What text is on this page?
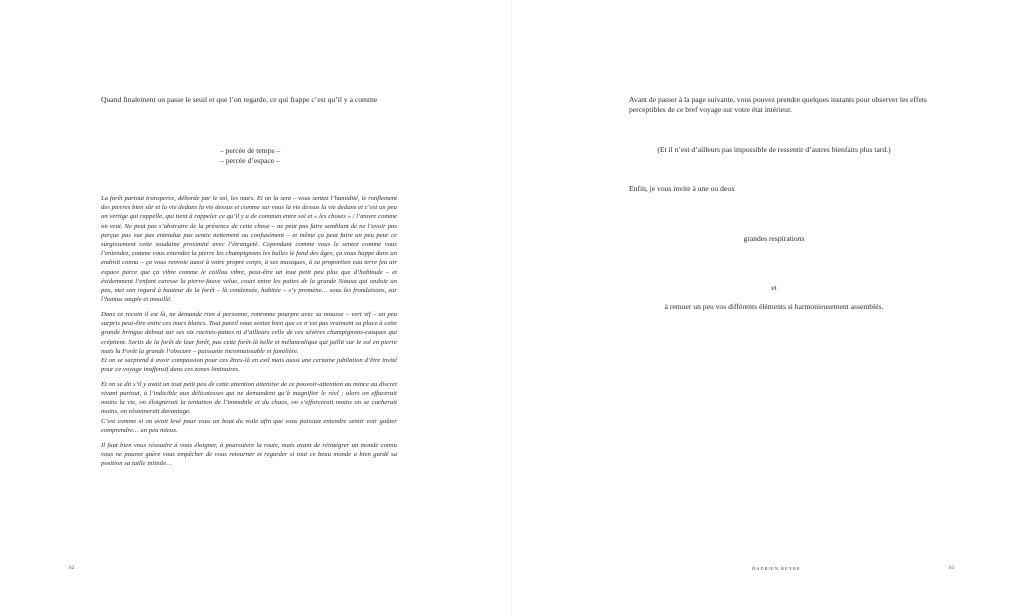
Quand finalement on passe le seuil et que l’on regarde, ce qui frappe c’est qu’il y a comme

– percée de temps –
– percée d’espace –

La forêt partout transperce, déborde par le sol, les murs. Et on la sent – vous sentez l’humidité, le ronflement des pierres bien sûr et la vie dedans la vie dessus et comme sur vous la vie dessus la vie dedans et c’est un peu un vertige qui rappelle, qui tient à rappeler ce qu’il y a de commun entre soi et « les choses » / l’œuvre comme on veut. Ne peut pas s’abstraire de la présence de cette chose – ne peut pas faire semblant de ne l’avoir pas perçue pas vue pas entendue pas sentie nettement ou confusément – et même ça peut faire un peu peur ce surgissement cette soudaine proximité avec l’étrangeté. Cependant comme vous le sentez comme vous l’entendez, comme vous entendez la pierre les champignons les bulles le fond des âges, ça vous happe dans un endroit connu – ça vous renvoie aussi à votre propre corps, à ses musiques, à sa proportion eau terre feu air espace parce que ça vibre comme le caillou vibre, peut-être un tout petit peu plus que d’habitude – et évidemment l’enfant caresse la pierre-fauve velue, court entre les pattes de la grande Siouxa qui ondoie un peu, met son regard à hauteur de la forêt – là condensée, habitée – s’y promène… sous les frondaisons, sur l’humus souple et mouillé.

Dans ce recoin il est là, ne demande rien à personne, ronronne pourpre avec sa mousse – vert vif – un peu surpris peut-être entre ces murs blancs. Tout pareil vous sentez bien que ce n’est pas vraiment sa place à cette grande bringue debout sur ses six racines-pattes ni d’ailleurs celle de ces sévères champignons-casques qui crépitent. Sortis de la forêt de leur forêt, pas cette forêt-là belle et mélancolique qui jaillit sur le sol en pierre mais la Forêt la grande l’obscure – puissante inconnaissable et familière.

Et on se surprend à avoir compassion pour ces êtres-là en exil mais aussi une certaine jubilation d’être invité pour ce voyage inoffensif dans ces zones liminaires.

Et on se dit s’il y avait un tout petit peu de cette attention attentive de ce pouvoir-attention au mince au discret vivant partout, à l’indicible aux délicatesses qui ne demandent qu’à magnifier le réel ; alors on effacerait moins la vie, on éloignerait la tentation de l’immobile et du chaos, on s’efforcerait moins on se cacherait moins, on résonnerait davantage.

C’est comme si on avait levé pour vous un bout du voile afin que vous puissiez entendre sentir voir goûter comprendre… un peu mieux.

Il faut bien vous résoudre à vous éloigner, à poursuivre la route, mais avant de réintégrer un monde connu vous ne pouvez guère vous empêcher de vous retourner et regarder si tout ce beau monde a bien gardé sa position sa taille initiale…

62

Avant de passer à la page suivante, vous pouvez prendre quelques instants pour observer les effets perceptibles de ce bref voyage sur votre état intérieur.

(Et il n’est d’ailleurs pas impossible de ressentir d’autres bienfaits plus tard.)
Enfin, je vous invite à une ou deux
grandes respirations
et
à remuer un peu vos différents éléments si harmonieusement assemblés.
HADRIEN REYRE	63
